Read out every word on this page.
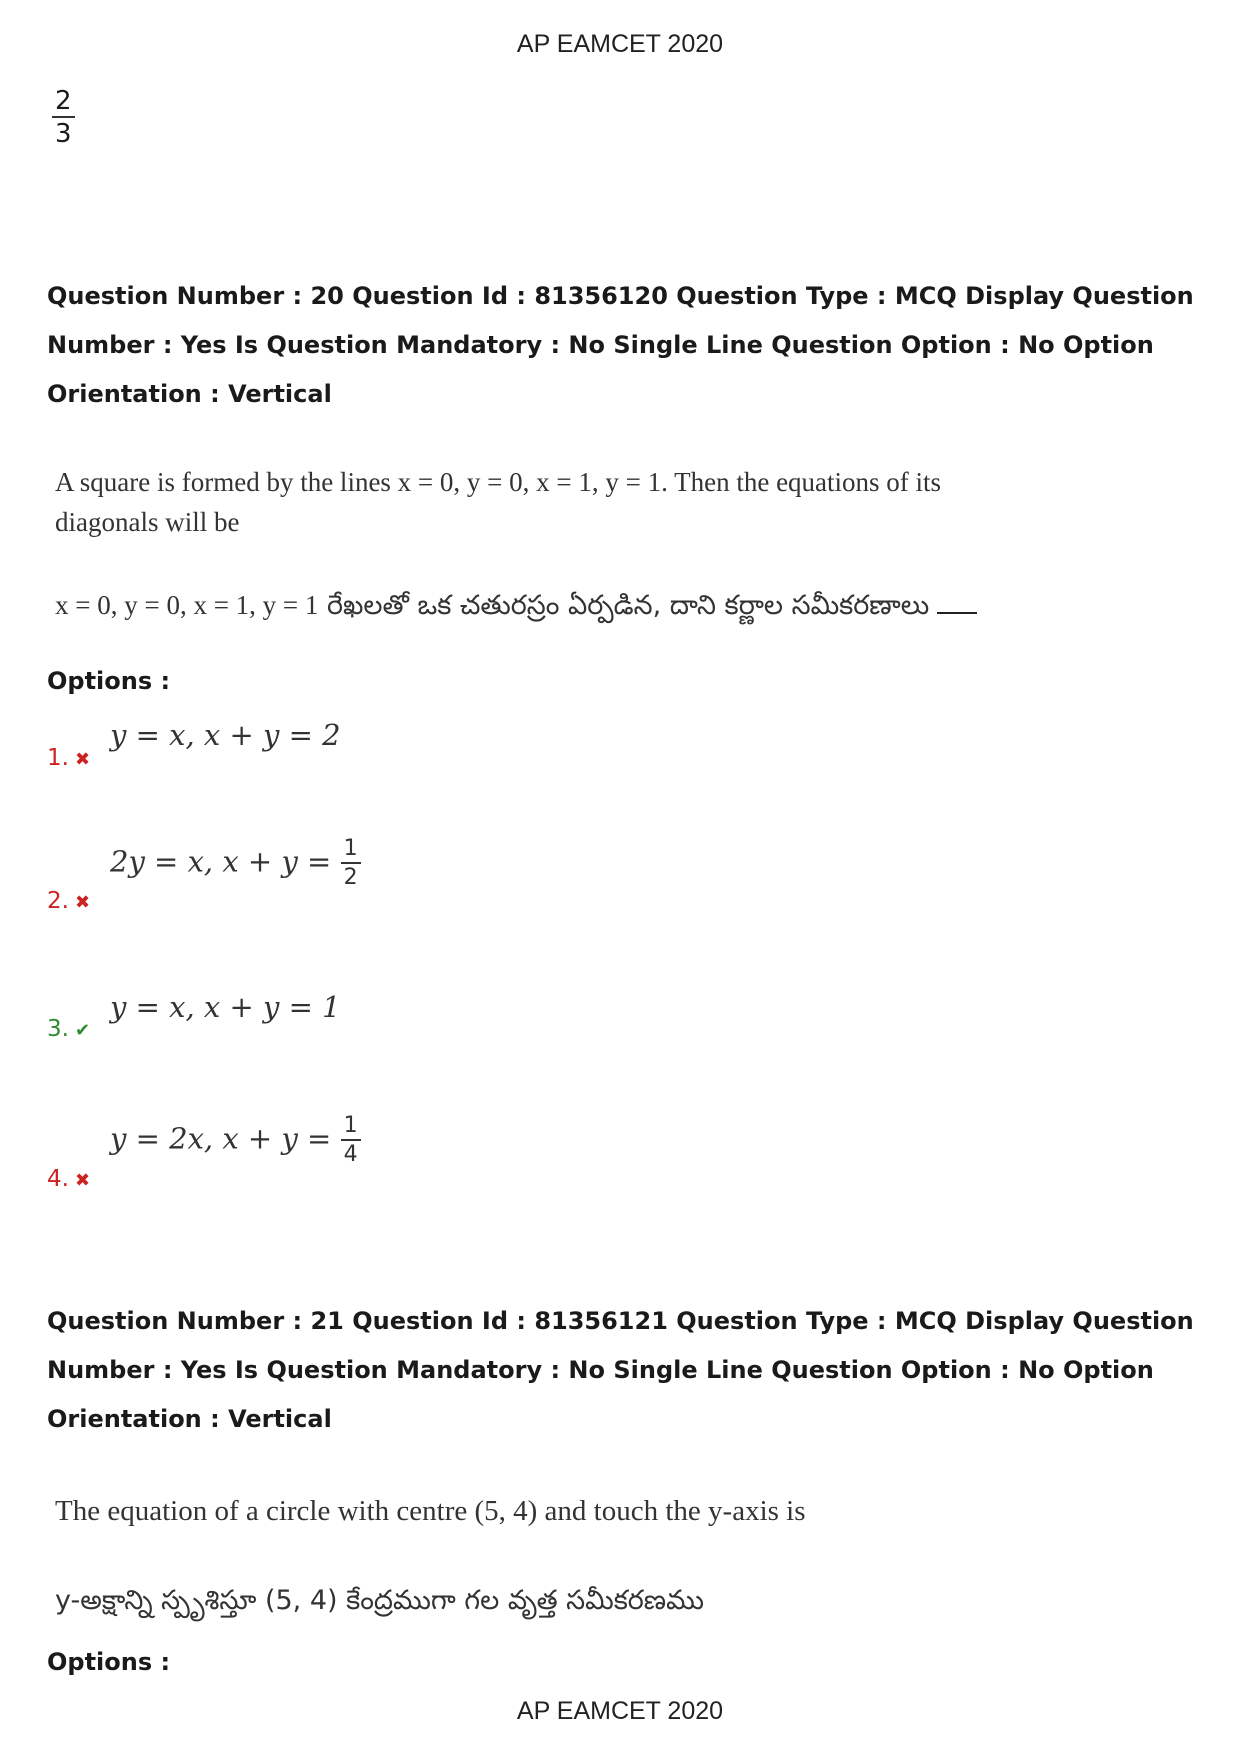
AP EAMCET 2020
$\frac{2}{3}$
Question Number : 20 Question Id : 81356120 Question Type : MCQ Display Question Number : Yes Is Question Mandatory : No Single Line Question Option : No Option Orientation : Vertical
A square is formed by the lines x = 0, y = 0, x = 1, y = 1. Then the equations of its
diagonals will be
x = 0, y = 0, x = 1, y = 1 రేఖలతో ఒక చతురస్రం ఏర్పడిన, దాని కర్ణాల సమీకరణాలు
Options :
1. ✖
y = x, x + y = 2
2. ✖
2y = x, $x + y = \frac{1}{2}$
3. ✔
y = x, x + y = 1
4. ✖
y = 2x, $x + y = \frac{1}{4}$
Question Number : 21 Question Id : 81356121 Question Type : MCQ Display Question Number : Yes Is Question Mandatory : No Single Line Question Option : No Option Orientation : Vertical
The equation of a circle with centre (5, 4) and touch the y-axis is
y-అక్షాన్ని స్పృశిస్తూ (5, 4) కేంద్రముగా గల వృత్త సమీకరణము
Options :
AP EAMCET 2020
